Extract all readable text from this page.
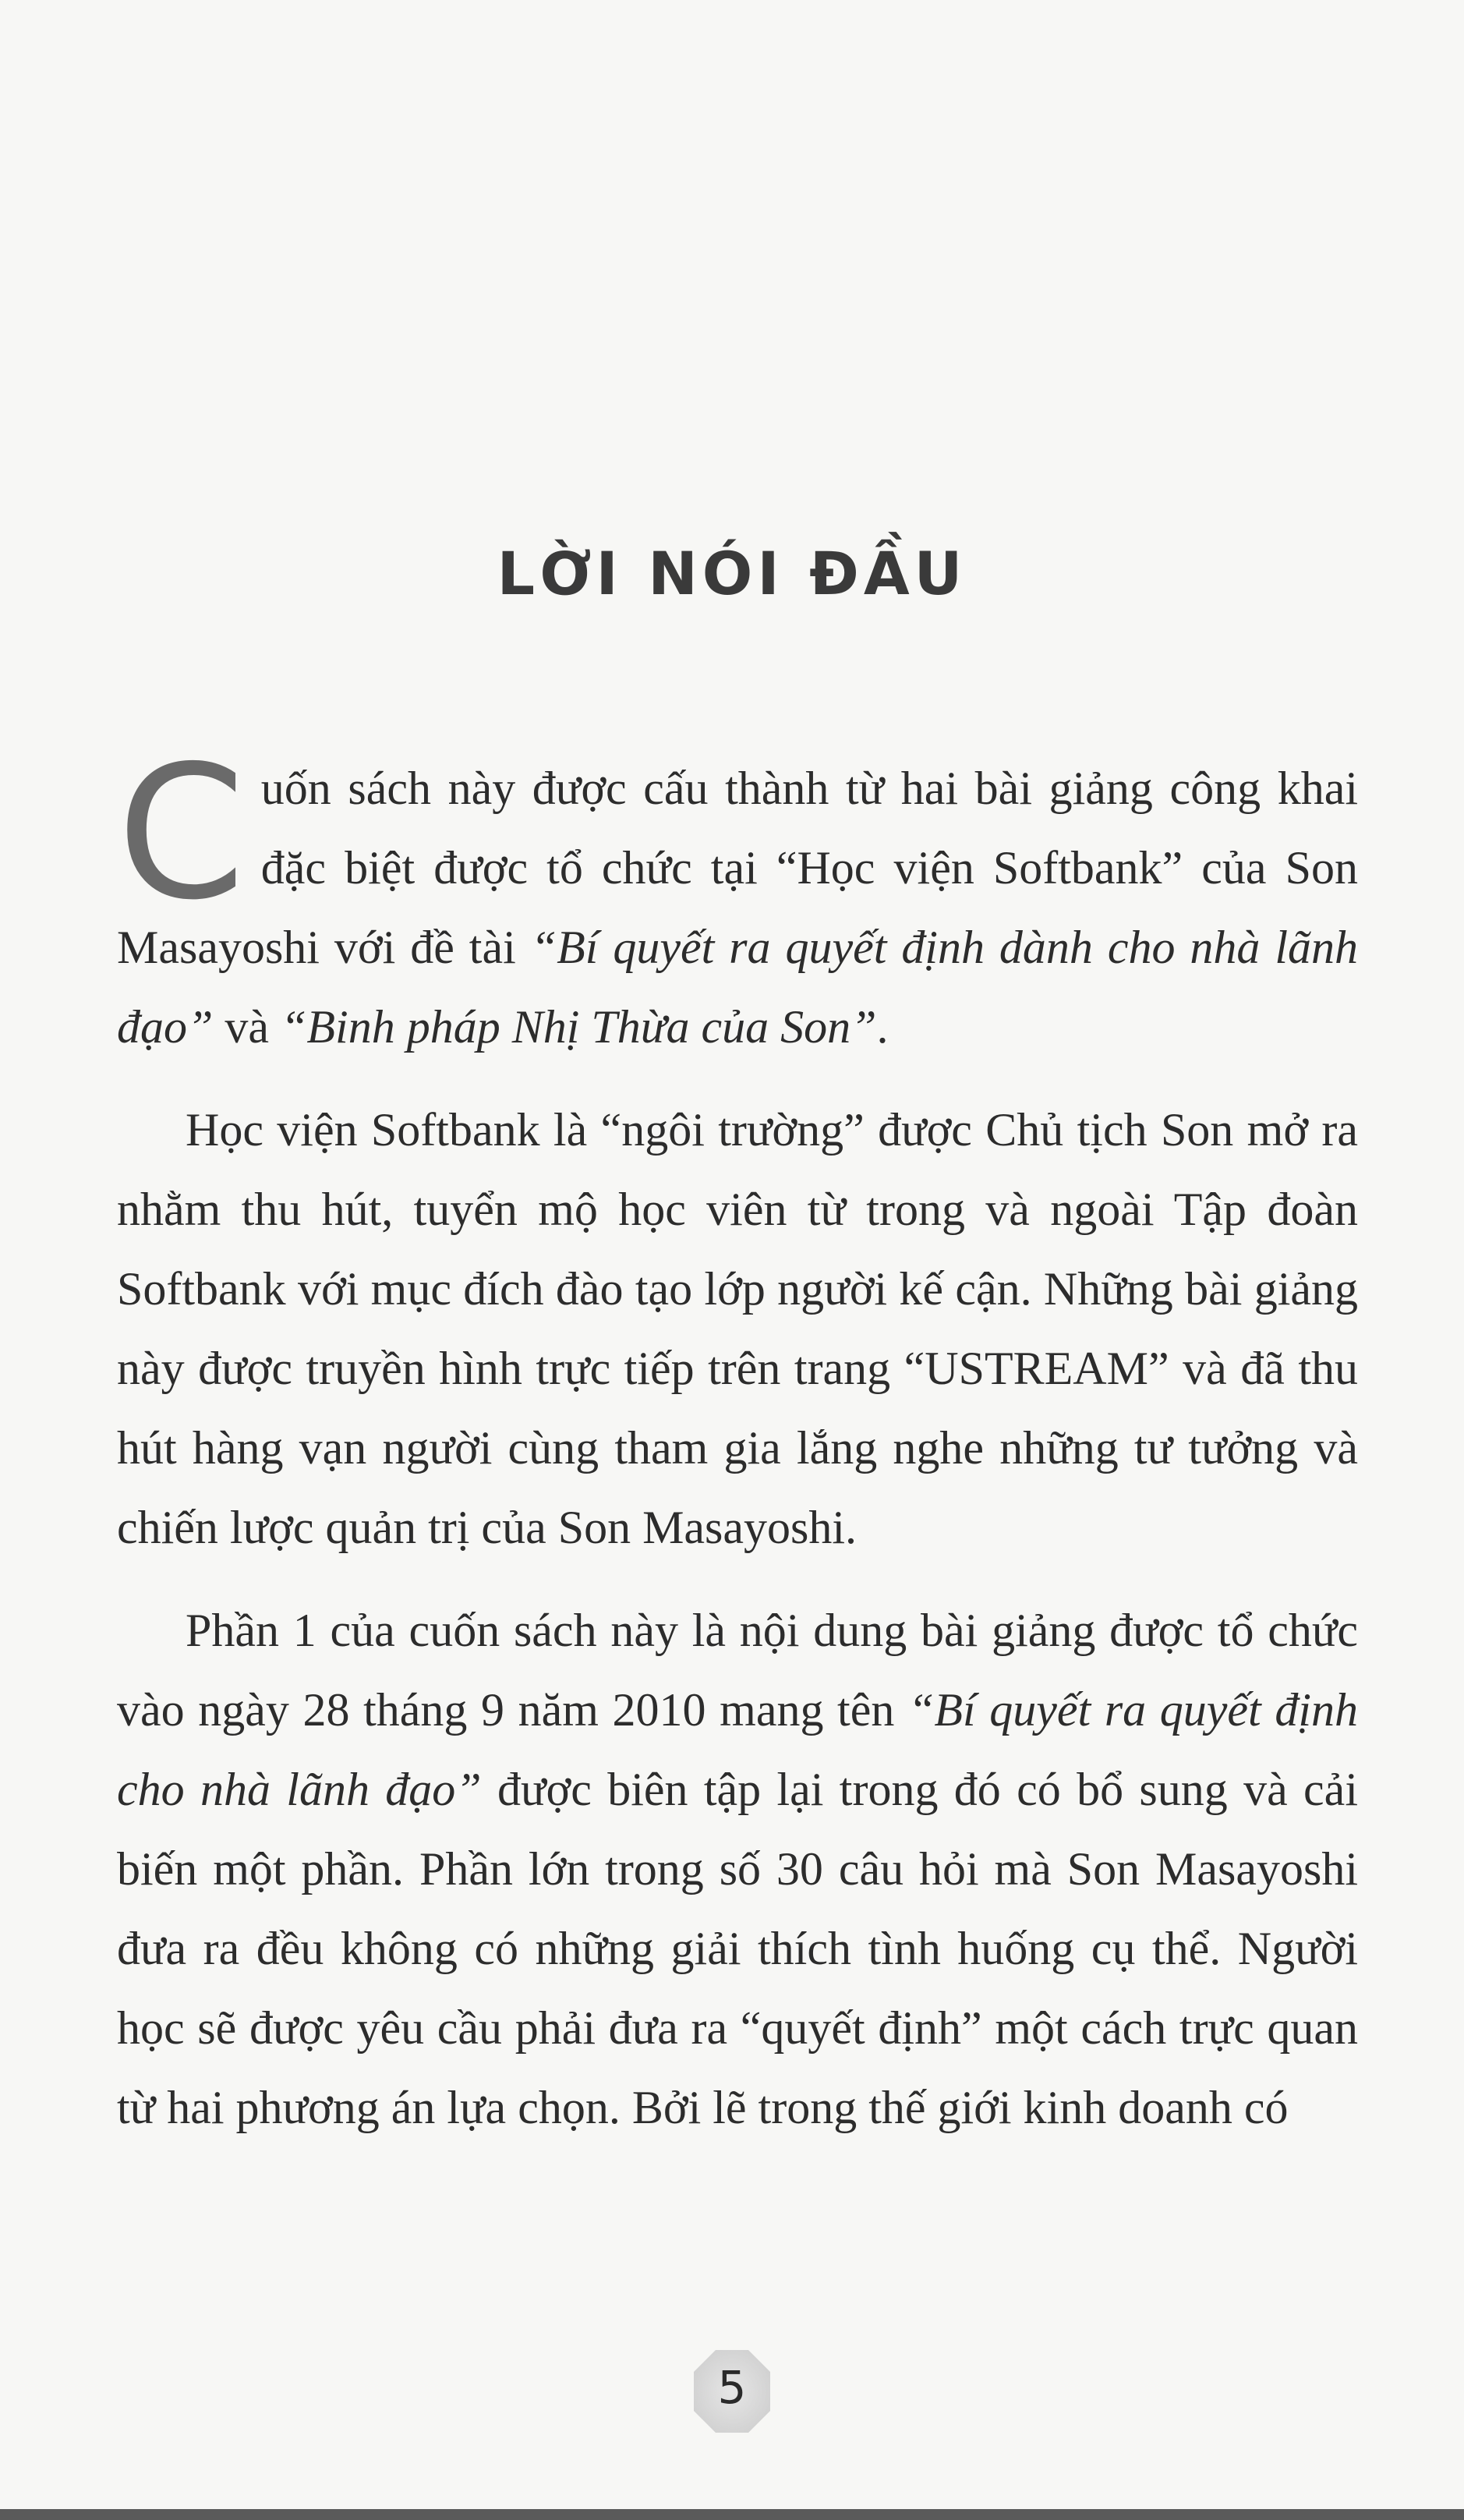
LỜI NÓI ĐẦU

Cuốn sách này được cấu thành từ hai bài giảng công khai đặc biệt được tổ chức tại “Học viện Softbank” của Son Masayoshi với đề tài “Bí quyết ra quyết định dành cho nhà lãnh đạo” và “Binh pháp Nhị Thừa của Son”.

Học viện Softbank là “ngôi trường” được Chủ tịch Son mở ra nhằm thu hút, tuyển mộ học viên từ trong và ngoài Tập đoàn Softbank với mục đích đào tạo lớp người kế cận. Những bài giảng này được truyền hình trực tiếp trên trang “USTREAM” và đã thu hút hàng vạn người cùng tham gia lắng nghe những tư tưởng và chiến lược quản trị của Son Masayoshi.

Phần 1 của cuốn sách này là nội dung bài giảng được tổ chức vào ngày 28 tháng 9 năm 2010 mang tên “Bí quyết ra quyết định cho nhà lãnh đạo” được biên tập lại trong đó có bổ sung và cải biến một phần. Phần lớn trong số 30 câu hỏi mà Son Masayoshi đưa ra đều không có những giải thích tình huống cụ thể. Người học sẽ được yêu cầu phải đưa ra “quyết định” một cách trực quan từ hai phương án lựa chọn. Bởi lẽ trong thế giới kinh doanh có

5
